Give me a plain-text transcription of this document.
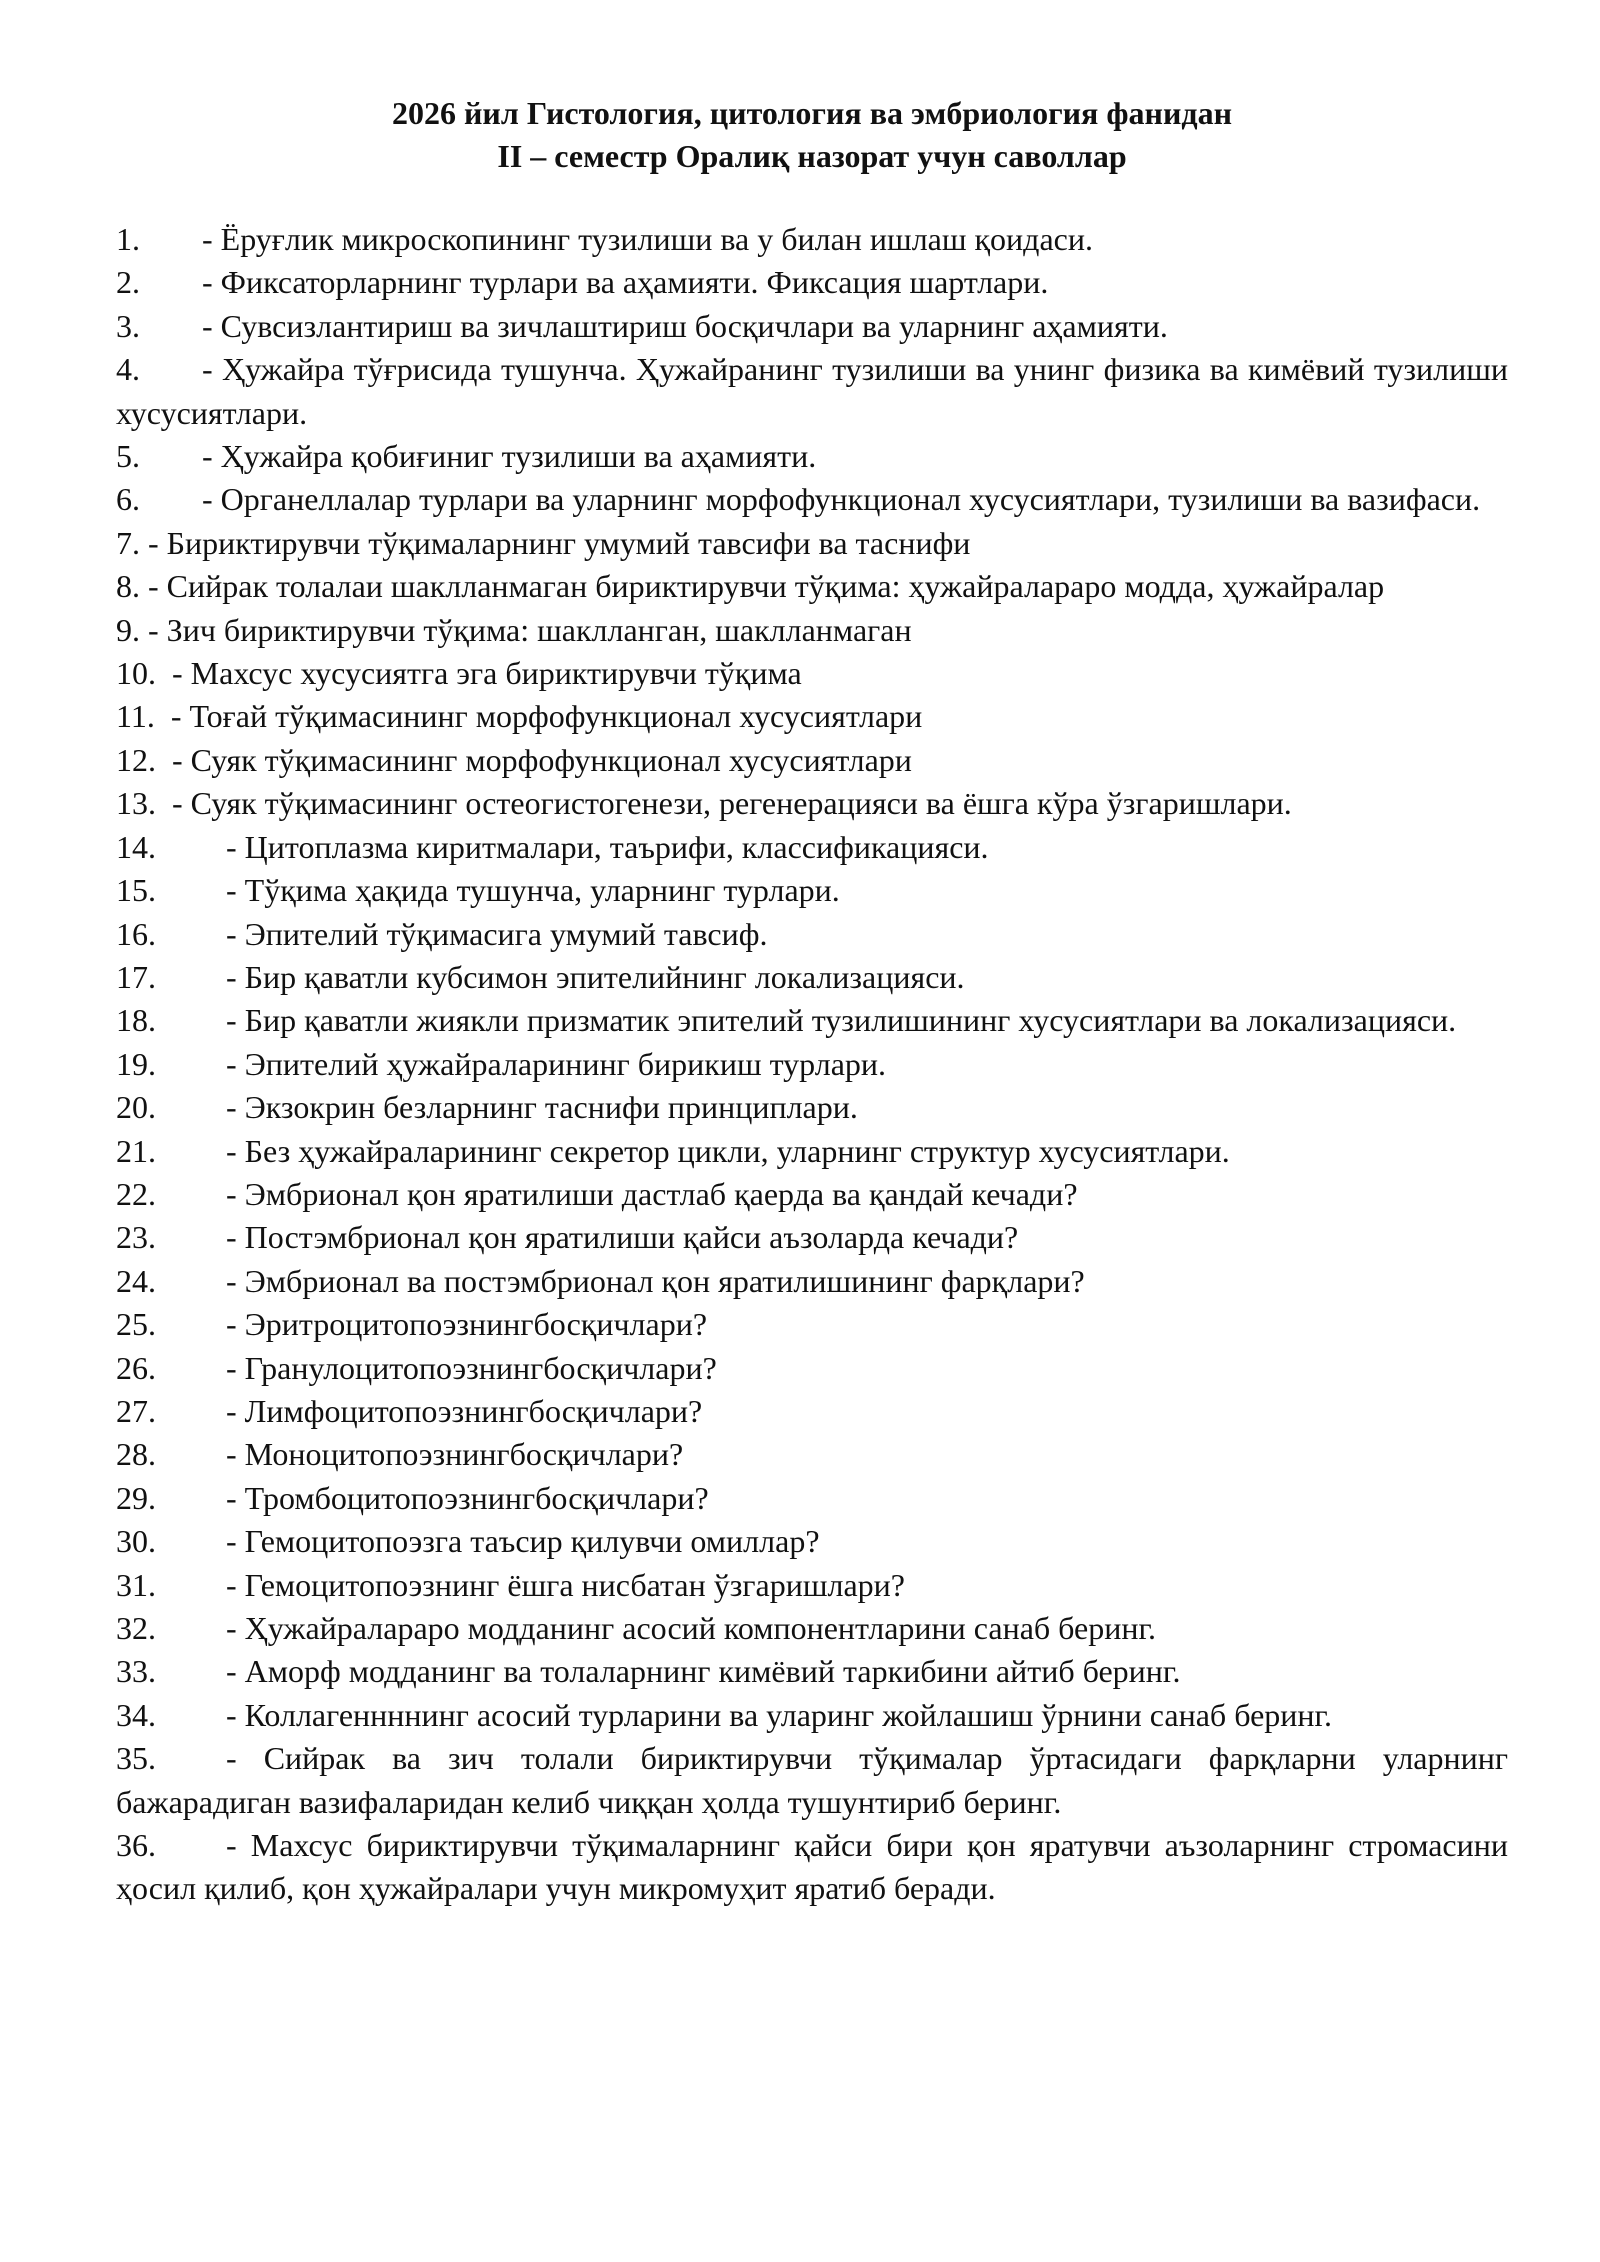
2026 йил Гистология, цитология ва эмбриология фанидан

II – семестр Оралиқ назорат учун саволлар

1. - Ёруғлик микроскопининг тузилиши ва у билан ишлаш қоидаси.

2. - Фиксаторларнинг турлари ва аҳамияти. Фиксация шартлари.

3. - Сувсизлантириш ва зичлаштириш босқичлари ва уларнинг аҳамияти.

4. - Ҳужайра тўғрисида тушунча. Ҳужайранинг тузилиши ва унинг физика ва кимёвий тузилиши хусусиятлари.

5. - Ҳужайра қобиғиниг тузилиши ва аҳамияти.

6. - Органеллалар турлари ва уларнинг морфофункционал хусусиятлари, тузилиши ва вазифаси.

7. - Бириктирувчи тўқималарнинг умумий тавсифи ва таснифи

8. - Сийрак толалаи шаклланмаган бириктирувчи тўқима: ҳужайралараро модда, ҳужайралар

9. - Зич бириктирувчи тўқима: шаклланган, шаклланмаган

10. - Махсус хусусиятга эга бириктирувчи тўқима

11. - Тоғай тўқимасининг морфофункционал хусусиятлари

12. - Суяк тўқимасининг морфофункционал хусусиятлари

13. - Суяк тўқимасининг остеогистогенези, регенерацияси ва ёшга кўра ўзгаришлари.

14. - Цитоплазма киритмалари, таърифи, классификацияси.

15. - Тўқима ҳақида тушунча, уларнинг турлари.

16. - Эпителий тўқимасига умумий тавсиф.

17. - Бир қаватли кубсимон эпителийнинг локализацияси.

18. - Бир қаватли жиякли призматик эпителий тузилишининг хусусиятлари ва локализацияси.

19. - Эпителий ҳужайраларининг бирикиш турлари.

20. - Экзокрин безларнинг таснифи принциплари.

21. - Без ҳужайраларининг секретор цикли, уларнинг структур хусусиятлари.

22. - Эмбрионал қон яратилиши дастлаб қаерда ва қандай кечади?

23. - Постэмбрионал қон яратилиши қайси аъзоларда кечади?

24. - Эмбрионал ва постэмбрионал қон яратилишининг фарқлари?

25. - Эритроцитопоэзнингбосқичлари?

26. - Гранулоцитопоэзнингбосқичлари?

27. - Лимфоцитопоэзнингбосқичлари?

28. - Моноцитопоэзнингбосқичлари?

29. - Тромбоцитопоэзнингбосқичлари?

30. - Гемоцитопоэзга таъсир қилувчи омиллар?

31. - Гемоцитопоэзнинг ёшга нисбатан ўзгаришлари?

32. - Ҳужайралараро модданинг асосий компонентларини санаб беринг.

33. - Аморф модданинг ва толаларнинг кимёвий таркибини айтиб беринг.

34. - Коллагеннннинг асосий турларини ва уларинг жойлашиш ўрнини санаб беринг.

35. - Сийрак ва зич толали бириктирувчи тўқималар ўртасидаги фарқларни уларнинг бажарадиган вазифаларидан келиб чиққан ҳолда тушунтириб беринг.

36. - Махсус бириктирувчи тўқималарнинг қайси бири қон яратувчи аъзоларнинг стромасини ҳосил қилиб, қон ҳужайралари учун микромуҳит яратиб беради.
